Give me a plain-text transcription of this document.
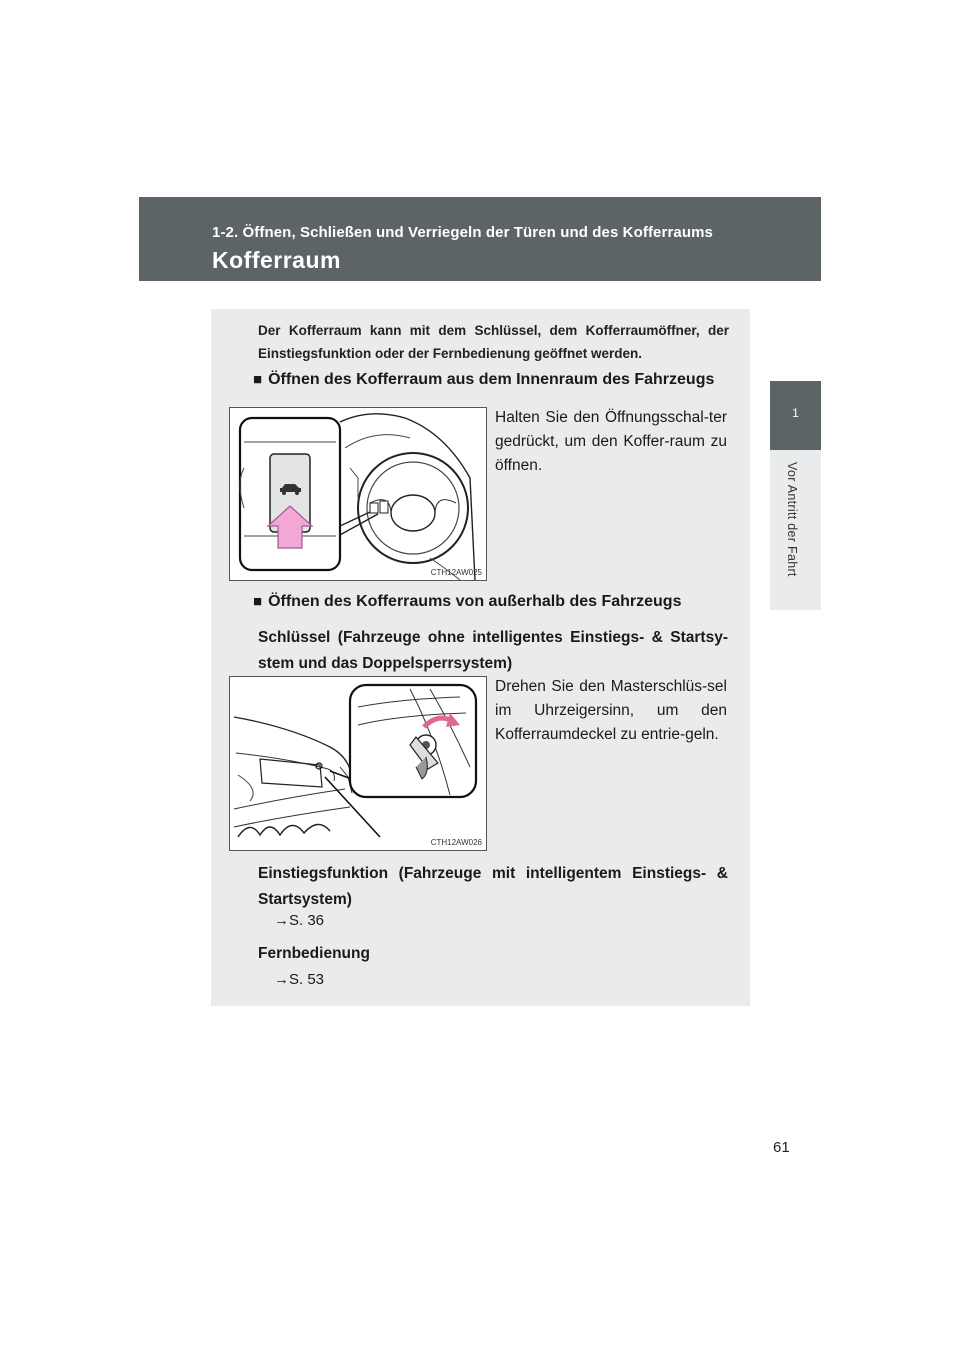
1-2. Öffnen, Schließen und Verriegeln der Türen und des Kofferraums
Kofferraum
1
Vor Antritt der Fahrt
Der Kofferraum kann mit dem Schlüssel, dem Kofferraumöffner, der Einstiegsfunktion oder der Fernbedienung geöffnet werden.
■ Öffnen des Kofferraum aus dem Innenraum des Fahrzeugs
CTH12AW025
Halten Sie den Öffnungsschal-ter gedrückt, um den Koffer-raum zu öffnen.
■ Öffnen des Kofferraums von außerhalb des Fahrzeugs
Schlüssel (Fahrzeuge ohne intelligentes Einstiegs- & Startsy-stem und das Doppelsperrsystem)
CTH12AW026
Drehen Sie den Masterschlüs-sel im Uhrzeigersinn, um den Kofferraumdeckel zu entrie-geln.
Einstiegsfunktion (Fahrzeuge mit intelligentem Einstiegs- & Startsystem)
→S. 36
Fernbedienung
→S. 53
61
